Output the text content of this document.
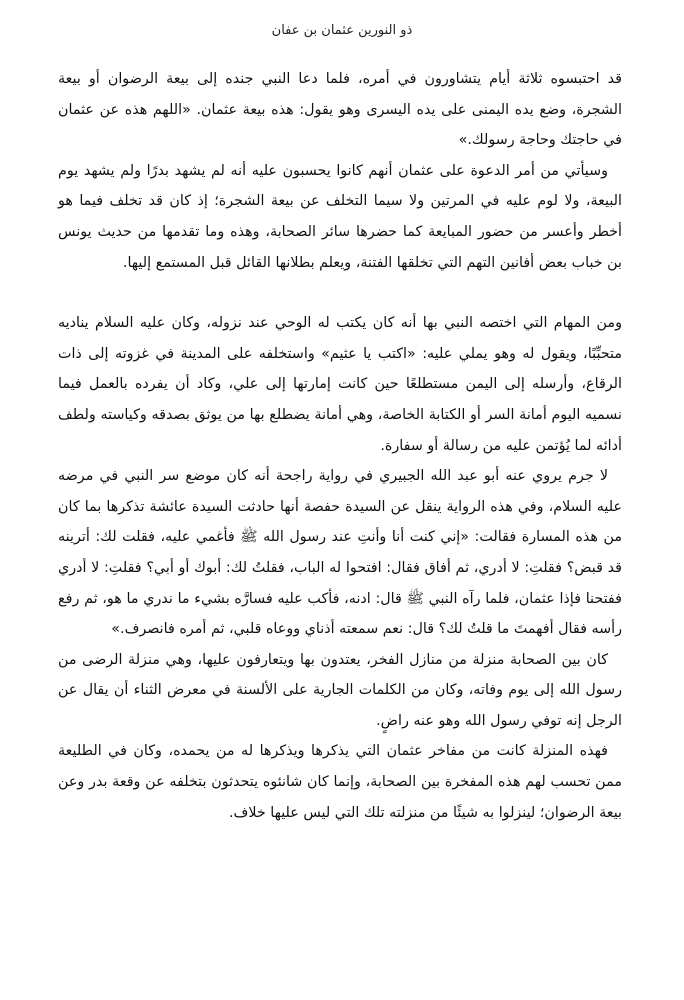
ذو النورين عثمان بن عفان

قد احتبسوه ثلاثة أيام يتشاورون في أمره، فلما دعا النبي جنده إلى بيعة الرضوان أو بيعة الشجرة، وضع يده اليمنى على يده اليسرى وهو يقول: هذه بيعة عثمان. «اللهم هذه عن عثمان في حاجتك وحاجة رسولك.»

وسيأتي من أمر الدعوة على عثمان أنهم كانوا يحسبون عليه أنه لم يشهد بدرًا ولم يشهد يوم البيعة، ولا لوم عليه في المرتين ولا سيما التخلف عن بيعة الشجرة؛ إذ كان قد تخلف فيما هو أخطر وأعسر من حضور المبايعة كما حضرها سائر الصحابة، وهذه وما تقدمها من حديث يونس بن خباب بعض أفانين التهم التي تخلقها الفتنة، ويعلم بطلانها القائل قبل المستمع إليها.

ومن المهام التي اختصه النبي بها أنه كان يكتب له الوحي عند نزوله، وكان عليه السلام يناديه متحبِّبًا، ويقول له وهو يملي عليه: «اكتب يا عثيم» واستخلفه على المدينة في غزوته إلى ذات الرقاع، وأرسله إلى اليمن مستطلعًا حين كانت إمارتها إلى علي، وكاد أن يفرده بالعمل فيما نسميه اليوم أمانة السر أو الكتابة الخاصة، وهي أمانة يضطلع بها من يوثق بصدقه وكياسته ولطف أدائه لما يُؤتمن عليه من رسالة أو سفارة.

لا جرم يروي عنه أبو عبد الله الجبيري في رواية راجحة أنه كان موضع سر النبي في مرضه عليه السلام، وفي هذه الرواية ينقل عن السيدة حفصة أنها حادثت السيدة عائشة تذكرها بما كان من هذه المسارة فقالت: «إني كنت أنا وأنتِ عند رسول الله ﷺ فأغمي عليه، فقلت لك: أترينه قد قبض؟ فقلتِ: لا أدري، ثم أفاق فقال: افتحوا له الباب، فقلتُ لك: أبوك أو أبي؟ فقلتِ: لا أدري ففتحنا فإذا عثمان، فلما رآه النبي ﷺ قال: ادنه، فأكب عليه فسارَّه بشيء ما ندري ما هو، ثم رفع رأسه فقال أفهمتَ ما قلتُ لك؟ قال: نعم سمعته أذناي ووعاه قلبي، ثم أمره فانصرف.»

كان بين الصحابة منزلة من منازل الفخر، يعتدون بها ويتعارفون عليها، وهي منزلة الرضى من رسول الله إلى يوم وفاته، وكان من الكلمات الجارية على الألسنة في معرض الثناء أن يقال عن الرجل إنه توفي رسول الله وهو عنه راضٍ.

فهذه المنزلة كانت من مفاخر عثمان التي يذكرها ويذكرها له من يحمده، وكان في الطليعة ممن تحسب لهم هذه المفخرة بين الصحابة، وإنما كان شانئوه يتحدثون بتخلفه عن وقعة بدر وعن بيعة الرضوان؛ لينزلوا به شيئًا من منزلته تلك التي ليس عليها خلاف.
